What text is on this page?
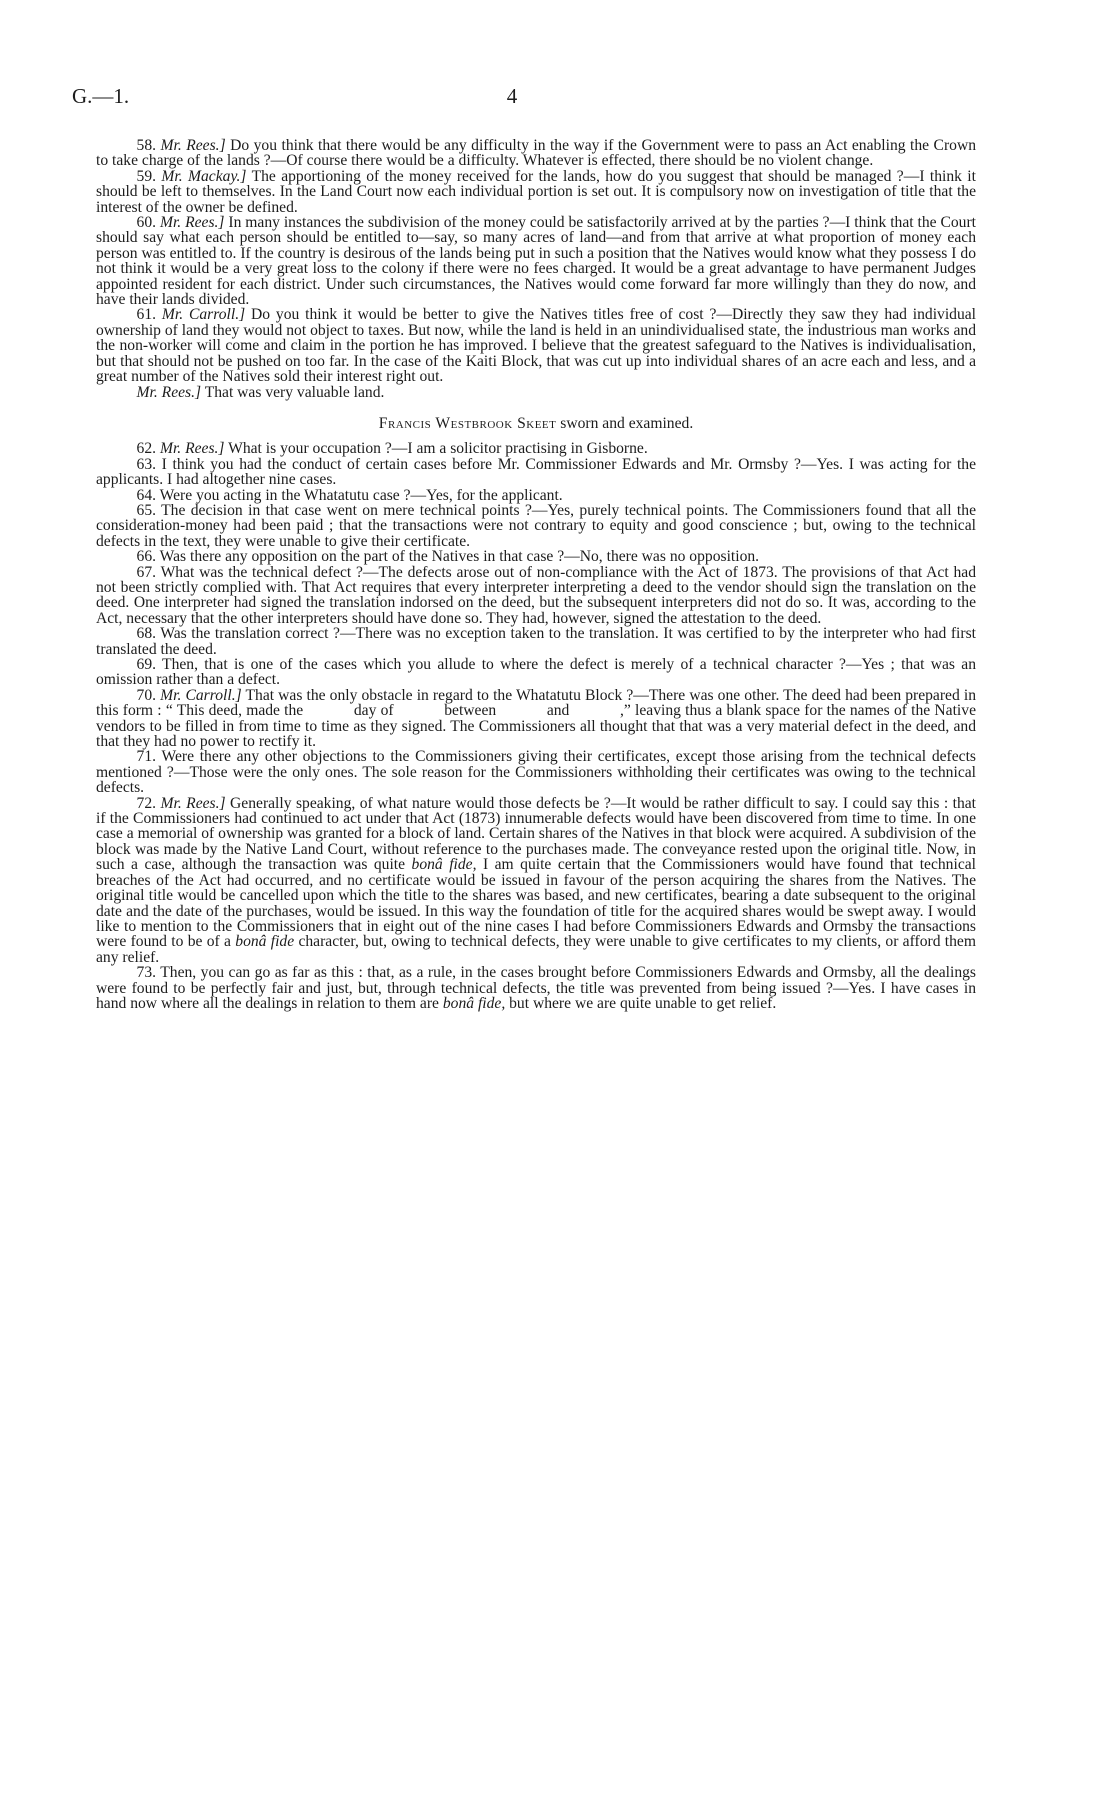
G.—1.	4

58. Mr. Rees.] Do you think that there would be any difficulty in the way if the Government were to pass an Act enabling the Crown to take charge of the lands ?—Of course there would be a difficulty. Whatever is effected, there should be no violent change.

59. Mr. Mackay.] The apportioning of the money received for the lands, how do you suggest that should be managed ?—I think it should be left to themselves. In the Land Court now each individual portion is set out. It is compulsory now on investigation of title that the interest of the owner be defined.

60. Mr. Rees.] In many instances the subdivision of the money could be satisfactorily arrived at by the parties ?—I think that the Court should say what each person should be entitled to—say, so many acres of land—and from that arrive at what proportion of money each person was entitled to. If the country is desirous of the lands being put in such a position that the Natives would know what they possess I do not think it would be a very great loss to the colony if there were no fees charged. It would be a great advantage to have permanent Judges appointed resident for each district. Under such circumstances, the Natives would come forward far more willingly than they do now, and have their lands divided.

61. Mr. Carroll.] Do you think it would be better to give the Natives titles free of cost ?—Directly they saw they had individual ownership of land they would not object to taxes. But now, while the land is held in an unindividualised state, the industrious man works and the non-worker will come and claim in the portion he has improved. I believe that the greatest safeguard to the Natives is individualisation, but that should not be pushed on too far. In the case of the Kaiti Block, that was cut up into individual shares of an acre each and less, and a great number of the Natives sold their interest right out.

Mr. Rees.] That was very valuable land.

Francis Westbrook Skeet sworn and examined.

62. Mr. Rees.] What is your occupation ?—I am a solicitor practising in Gisborne.

63. I think you had the conduct of certain cases before Mr. Commissioner Edwards and Mr. Ormsby ?—Yes. I was acting for the applicants. I had altogether nine cases.

64. Were you acting in the Whatatutu case ?—Yes, for the applicant.

65. The decision in that case went on mere technical points ?—Yes, purely technical points. The Commissioners found that all the consideration-money had been paid ; that the transactions were not contrary to equity and good conscience ; but, owing to the technical defects in the text, they were unable to give their certificate.

66. Was there any opposition on the part of the Natives in that case ?—No, there was no opposition.

67. What was the technical defect ?—The defects arose out of non-compliance with the Act of 1873. The provisions of that Act had not been strictly complied with. That Act requires that every interpreter interpreting a deed to the vendor should sign the translation on the deed. One interpreter had signed the translation indorsed on the deed, but the subsequent interpreters did not do so. It was, according to the Act, necessary that the other interpreters should have done so. They had, however, signed the attestation to the deed.

68. Was the translation correct ?—There was no exception taken to the translation. It was certified to by the interpreter who had first translated the deed.

69. Then, that is one of the cases which you allude to where the defect is merely of a technical character ?—Yes ; that was an omission rather than a defect.

70. Mr. Carroll.] That was the only obstacle in regard to the Whatatutu Block ?—There was one other. The deed had been prepared in this form : “ This deed, made the            day of            between            and            ,” leaving thus a blank space for the names of the Native vendors to be filled in from time to time as they signed. The Commissioners all thought that that was a very material defect in the deed, and that they had no power to rectify it.

71. Were there any other objections to the Commissioners giving their certificates, except those arising from the technical defects mentioned ?—Those were the only ones. The sole reason for the Commissioners withholding their certificates was owing to the technical defects.

72. Mr. Rees.] Generally speaking, of what nature would those defects be ?—It would be rather difficult to say. I could say this : that if the Commissioners had continued to act under that Act (1873) innumerable defects would have been discovered from time to time. In one case a memorial of ownership was granted for a block of land. Certain shares of the Natives in that block were acquired. A subdivision of the block was made by the Native Land Court, without reference to the purchases made. The conveyance rested upon the original title. Now, in such a case, although the transaction was quite bonâ fide, I am quite certain that the Commissioners would have found that technical breaches of the Act had occurred, and no certificate would be issued in favour of the person acquiring the shares from the Natives. The original title would be cancelled upon which the title to the shares was based, and new certificates, bearing a date subsequent to the original date and the date of the purchases, would be issued. In this way the foundation of title for the acquired shares would be swept away. I would like to mention to the Commissioners that in eight out of the nine cases I had before Commissioners Edwards and Ormsby the transactions were found to be of a bonâ fide character, but, owing to technical defects, they were unable to give certificates to my clients, or afford them any relief.

73. Then, you can go as far as this : that, as a rule, in the cases brought before Commissioners Edwards and Ormsby, all the dealings were found to be perfectly fair and just, but, through technical defects, the title was prevented from being issued ?—Yes. I have cases in hand now where all the dealings in relation to them are bonâ fide, but where we are quite unable to get relief.
